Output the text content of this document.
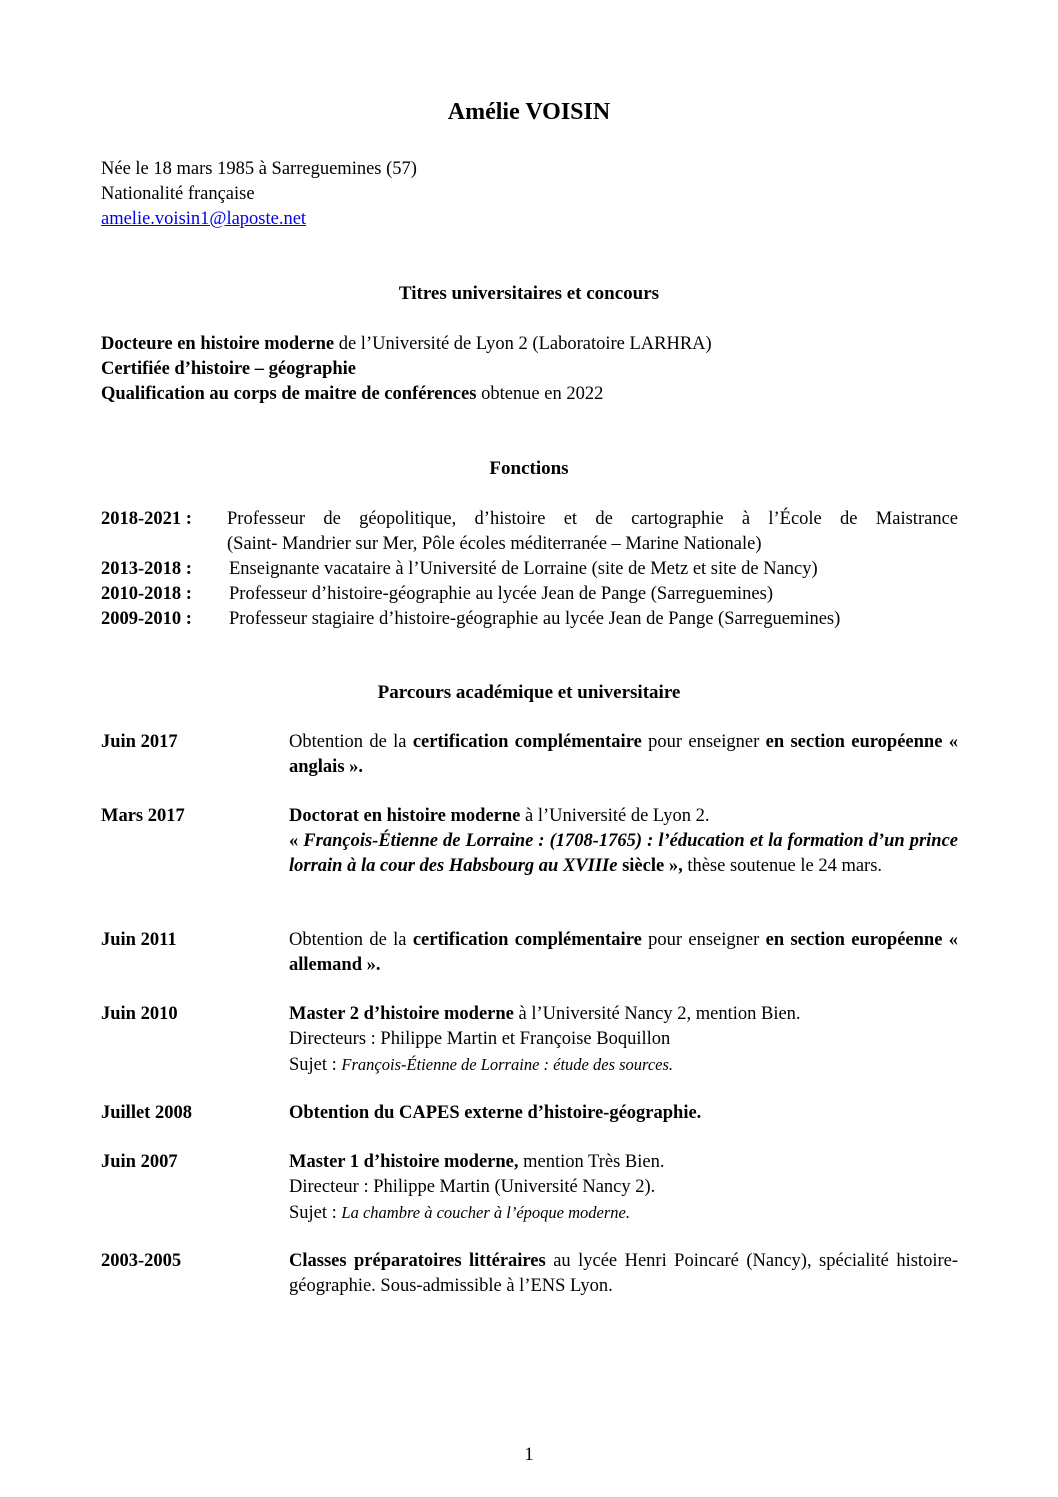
Amélie VOISIN
Née le 18 mars 1985 à Sarreguemines (57)
Nationalité française
amelie.voisin1@laposte.net
Titres universitaires et concours
Docteure en histoire moderne de l’Université de Lyon 2 (Laboratoire LARHRA)
Certifiée d’histoire – géographie
Qualification au corps de maitre de conférences obtenue en 2022
Fonctions
2018-2021 : Professeur de géopolitique, d’histoire et de cartographie à l’École de Maistrance
(Saint- Mandrier sur Mer, Pôle écoles méditerranée – Marine Nationale)
2013-2018 : Enseignante vacataire à l’Université de Lorraine (site de Metz et site de Nancy)
2010-2018 : Professeur d’histoire-géographie au lycée Jean de Pange (Sarreguemines)
2009-2010 : Professeur stagiaire d’histoire-géographie au lycée Jean de Pange (Sarreguemines)
Parcours académique et universitaire
Juin 2017	Obtention de la certification complémentaire pour enseigner en section européenne « anglais ».
Mars 2017	Doctorat en histoire moderne à l’Université de Lyon 2.
« François-Étienne de Lorraine : (1708-1765) : l’éducation et la formation d’un prince lorrain à la cour des Habsbourg au XVIIIe siècle », thèse soutenue le 24 mars.
Juin 2011	Obtention de la certification complémentaire pour enseigner en section européenne « allemand ».
Juin 2010	Master 2 d’histoire moderne à l’Université Nancy 2, mention Bien.
Directeurs : Philippe Martin et Françoise Boquillon
Sujet : François-Étienne de Lorraine : étude des sources.
Juillet 2008	Obtention du CAPES externe d’histoire-géographie.
Juin 2007	Master 1 d’histoire moderne, mention Très Bien.
Directeur : Philippe Martin (Université Nancy 2).
Sujet : La chambre à coucher à l’époque moderne.
2003-2005	Classes préparatoires littéraires au lycée Henri Poincaré (Nancy), spécialité histoire-géographie. Sous-admissible à l’ENS Lyon.
1
